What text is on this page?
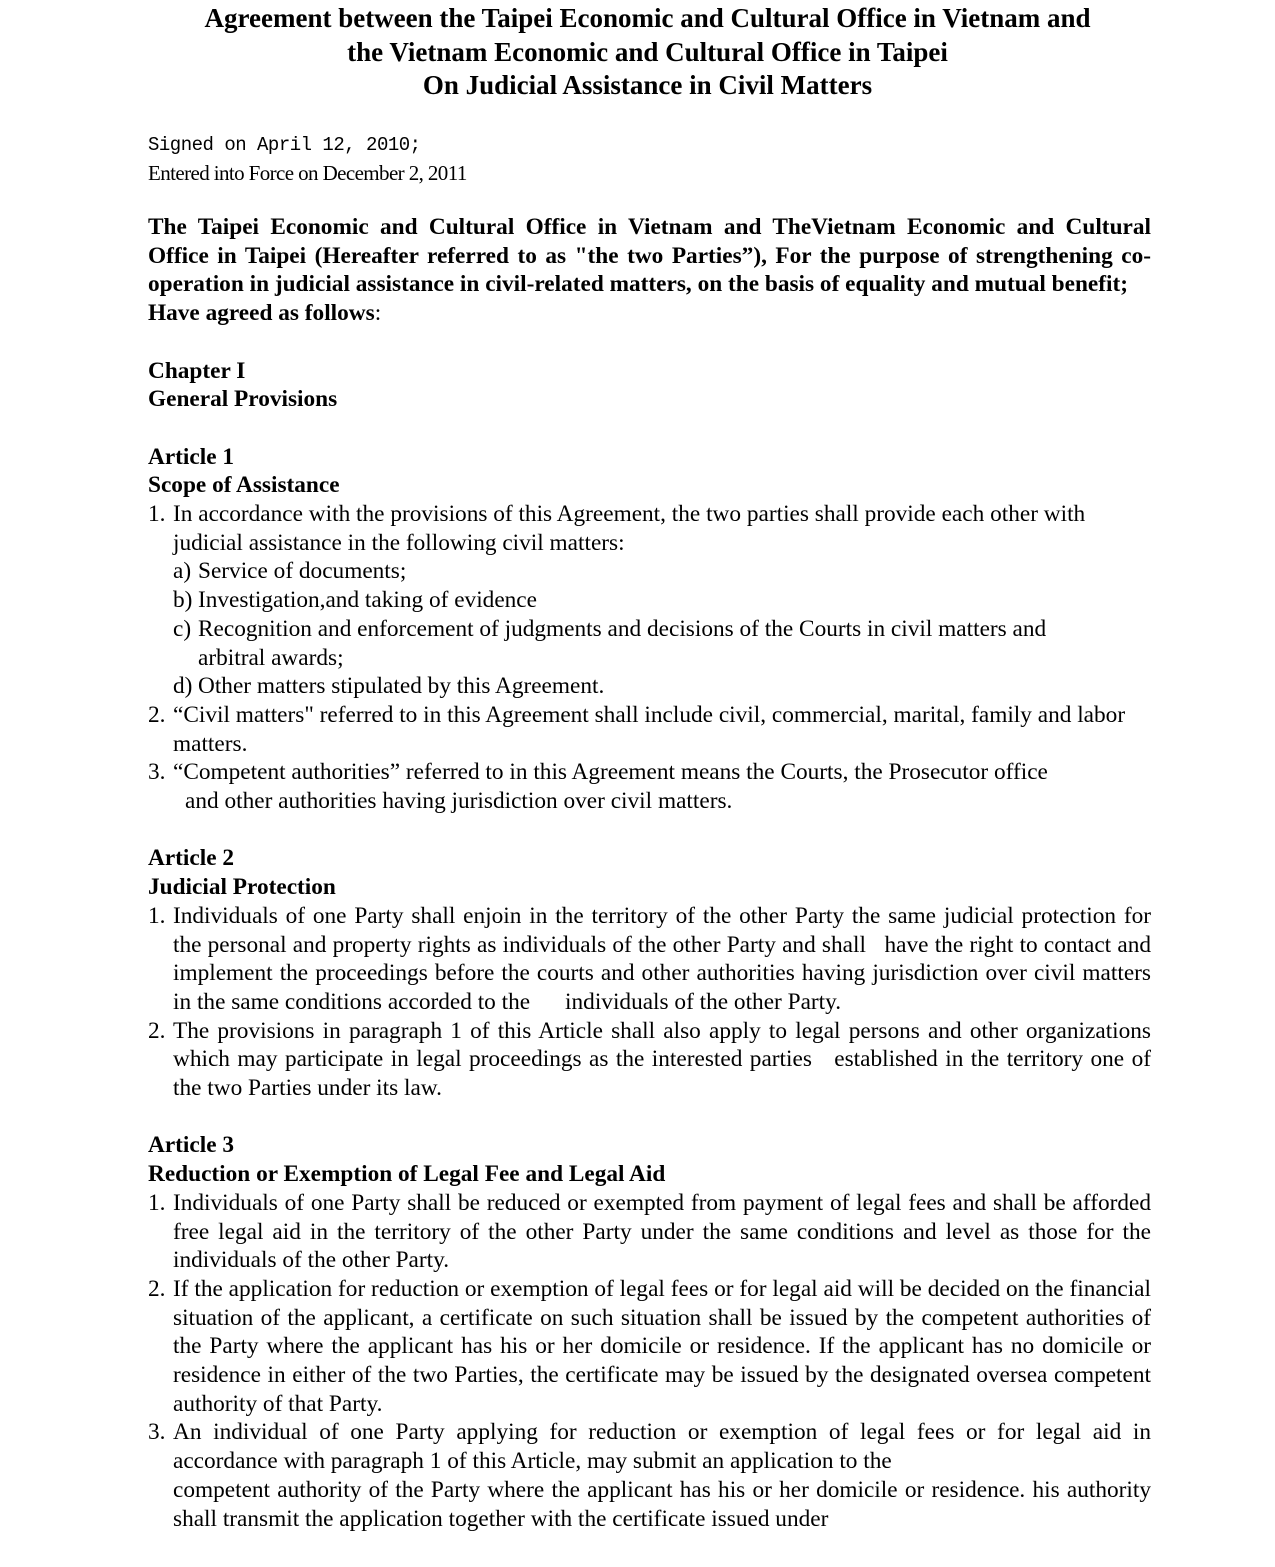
Agreement between the Taipei Economic and Cultural Office in Vietnam and
the Vietnam Economic and Cultural Office in Taipei
On Judicial Assistance in Civil Matters
Signed on April 12, 2010;
Entered into Force on December 2, 2011

The Taipei Economic and Cultural Office in Vietnam and TheVietnam Economic and Cultural Office in Taipei (Hereafter referred to as "the two Parties”), For the purpose of strengthening co-operation in judicial assistance in civil-related matters, on the basis of equality and mutual benefit;

Have agreed as follows:
Chapter I
General Provisions
Article 1
Scope of Assistance
1. In accordance with the provisions of this Agreement, the two parties shall provide each other with judicial assistance in the following civil matters:
a) Service of documents;
b) Investigation,and taking of evidence
c) Recognition and enforcement of judgments and decisions of the Courts in civil matters and arbitral awards;
d) Other matters stipulated by this Agreement.
2. “Civil matters" referred to in this Agreement shall include civil, commercial, marital, family and labor matters.
3. “Competent authorities” referred to in this Agreement means the Courts, the Prosecutor office
and other authorities having jurisdiction over civil matters.
Article 2
Judicial Protection
1. Individuals of one Party shall enjoin in the territory of the other Party the same judicial protection for the personal and property rights as individuals of the other Party and shall   have the right to contact and implement the proceedings before the courts and other authorities having jurisdiction over civil matters in the same conditions accorded to the      individuals of the other Party.
2. The provisions in paragraph 1 of this Article shall also apply to legal persons and other organizations which may participate in legal proceedings as the interested parties   established in the territory one of the two Parties under its law.
Article 3
Reduction or Exemption of Legal Fee and Legal Aid
1. Individuals of one Party shall be reduced or exempted from payment of legal fees and shall be afforded free legal aid in the territory of the other Party under the same conditions and level as those for the individuals of the other Party.
2. If the application for reduction or exemption of legal fees or for legal aid will be decided on the financial situation of the applicant, a certificate on such situation shall be issued by the competent authorities of the Party where the applicant has his or her domicile or residence. If the applicant has no domicile or residence in either of the two Parties, the certificate may be issued by the designated oversea competent authority of that Party.
3. An individual of one Party applying for reduction or exemption of legal fees or for legal aid in accordance with paragraph 1 of this Article, may submit an application to the
competent authority of the Party where the applicant has his or her domicile or residence. his authority shall transmit the application together with the certificate issued under
